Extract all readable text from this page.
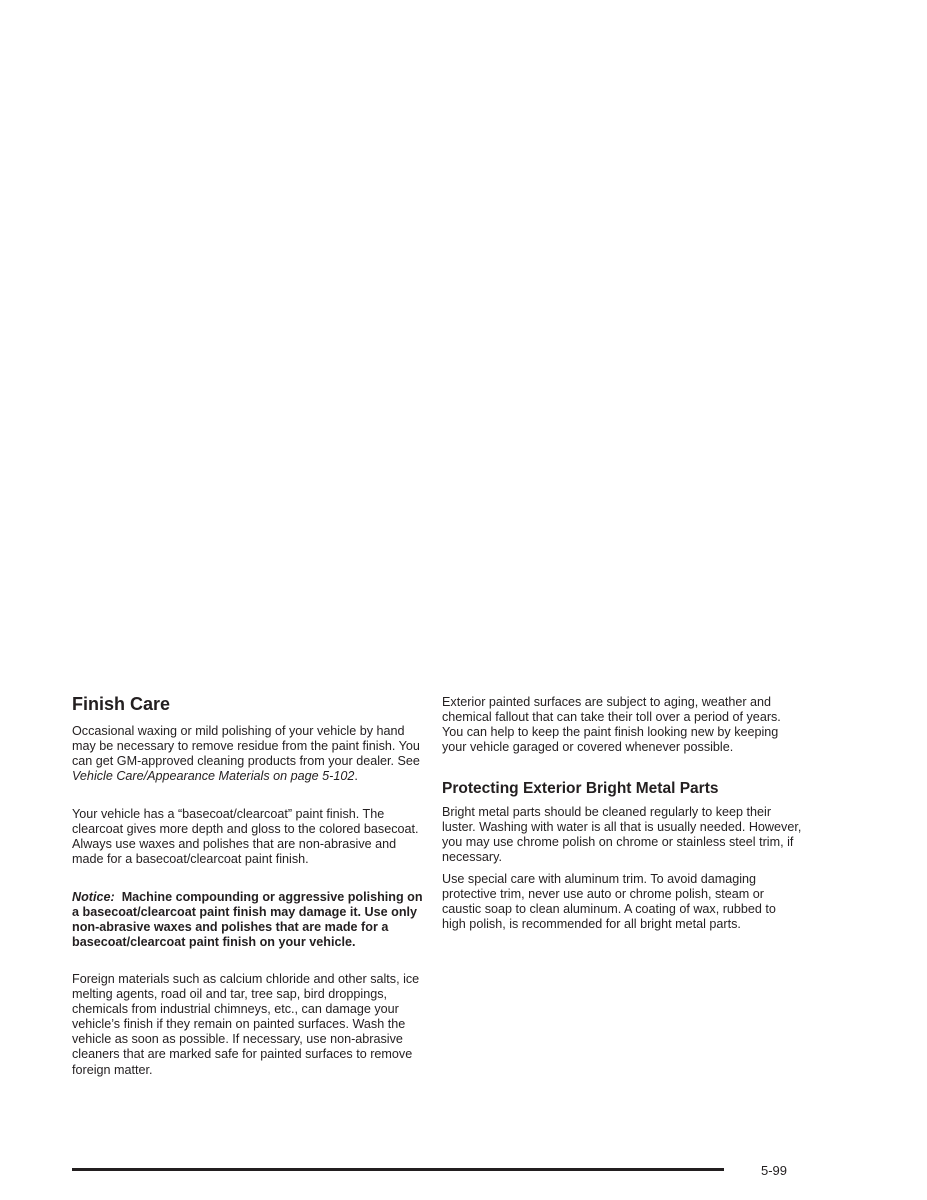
Finish Care

Occasional waxing or mild polishing of your vehicle by hand may be necessary to remove residue from the paint finish. You can get GM-approved cleaning products from your dealer. See Vehicle Care/Appearance Materials on page 5-102.

Your vehicle has a “basecoat/clearcoat” paint finish. The clearcoat gives more depth and gloss to the colored basecoat. Always use waxes and polishes that are non-abrasive and made for a basecoat/clearcoat paint finish.

Notice: Machine compounding or aggressive polishing on a basecoat/clearcoat paint finish may damage it. Use only non-abrasive waxes and polishes that are made for a basecoat/clearcoat paint finish on your vehicle.

Foreign materials such as calcium chloride and other salts, ice melting agents, road oil and tar, tree sap, bird droppings, chemicals from industrial chimneys, etc., can damage your vehicle’s finish if they remain on painted surfaces. Wash the vehicle as soon as possible. If necessary, use non-abrasive cleaners that are marked safe for painted surfaces to remove foreign matter.

Exterior painted surfaces are subject to aging, weather and chemical fallout that can take their toll over a period of years. You can help to keep the paint finish looking new by keeping your vehicle garaged or covered whenever possible.

Protecting Exterior Bright Metal Parts

Bright metal parts should be cleaned regularly to keep their luster. Washing with water is all that is usually needed. However, you may use chrome polish on chrome or stainless steel trim, if necessary.

Use special care with aluminum trim. To avoid damaging protective trim, never use auto or chrome polish, steam or caustic soap to clean aluminum. A coating of wax, rubbed to high polish, is recommended for all bright metal parts.

5-99
